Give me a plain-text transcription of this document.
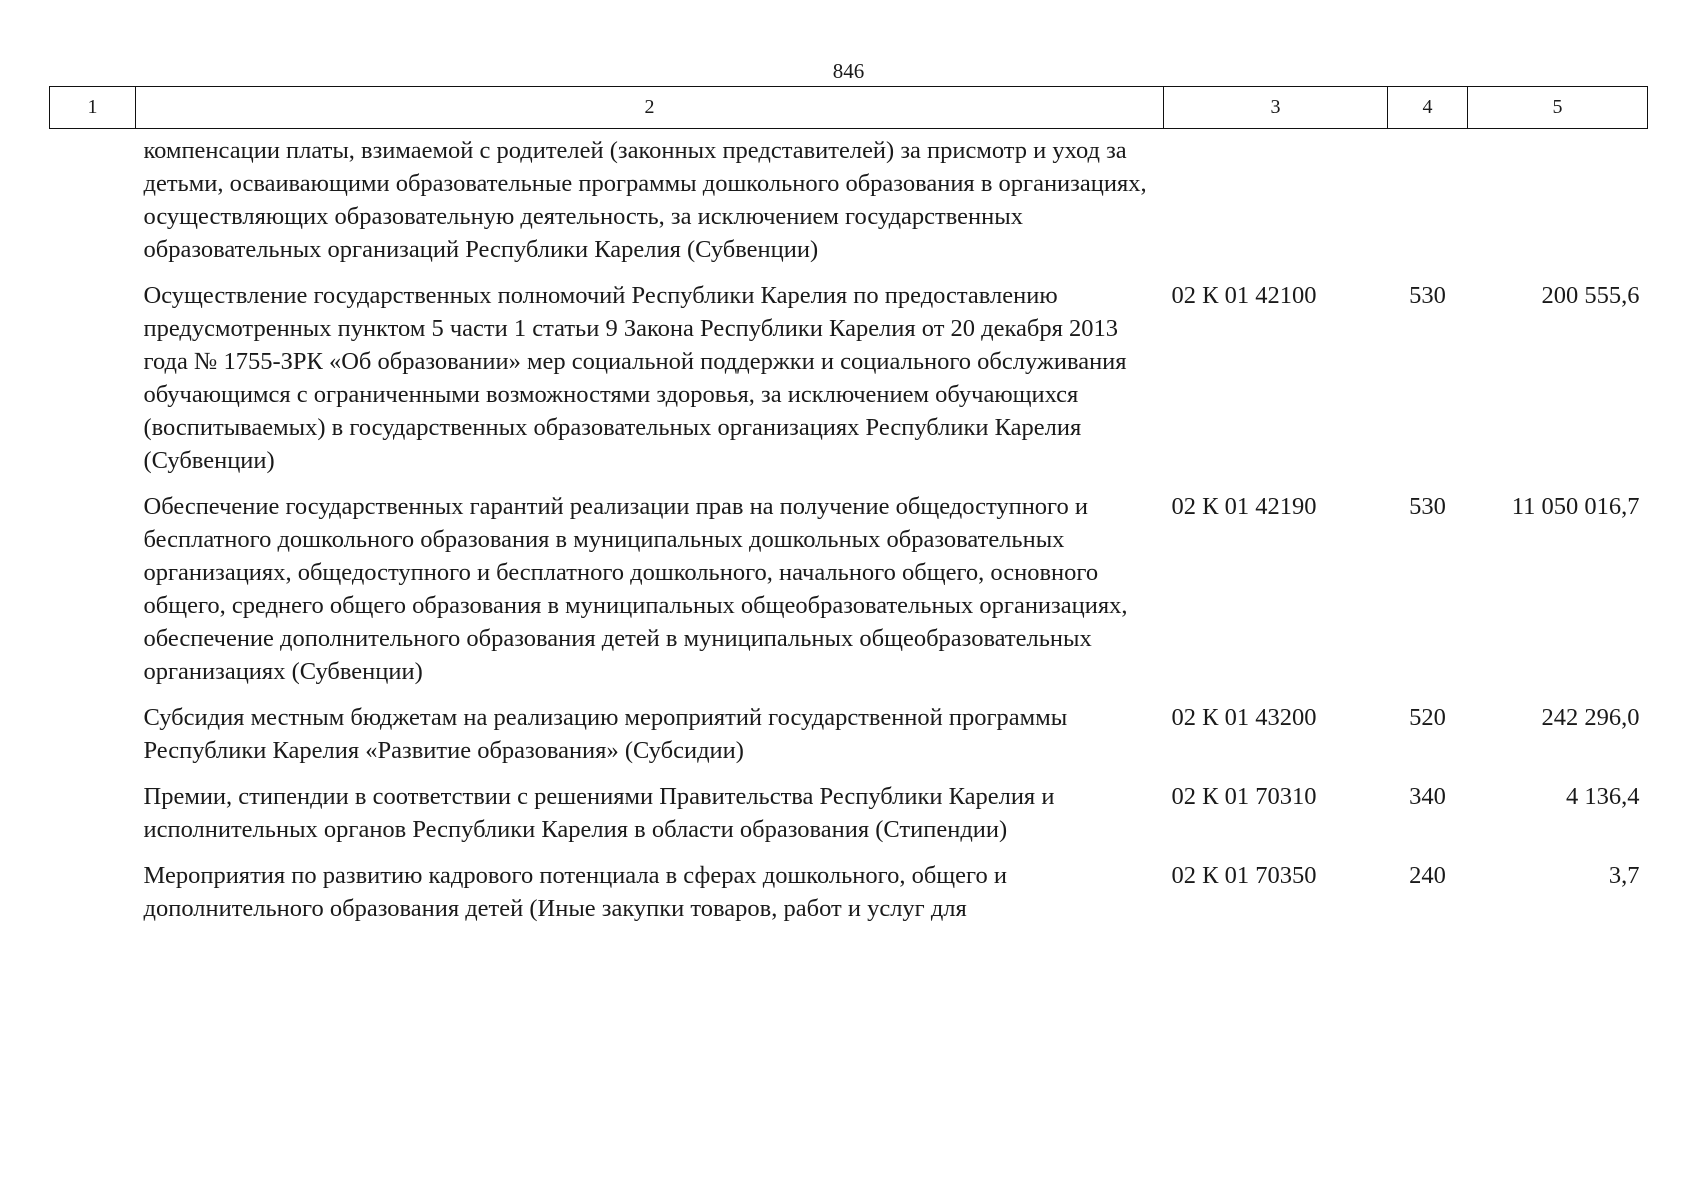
846
1	2	3	4	5
	компенсации платы, взимаемой с родителей (законных представителей) за присмотр и уход за детьми, осваивающими образовательные программы дошкольного образования в организациях, осуществляющих образовательную деятельность, за исключением государственных образовательных организаций Республики Карелия (Субвенции)			
	Осуществление государственных полномочий Республики Карелия по предоставлению предусмотренных пунктом 5 части 1 статьи 9 Закона Республики Карелия от 20 декабря 2013 года № 1755-ЗРК «Об образовании» мер социальной поддержки и социального обслуживания обучающимся с ограниченными возможностями здоровья, за исключением обучающихся (воспитываемых) в государственных образовательных организациях Республики Карелия (Субвенции)	02 К 01 42100	530	200 555,6
	Обеспечение государственных гарантий реализации прав на получение общедоступного и бесплатного дошкольного образования в муниципальных дошкольных образовательных организациях, общедоступного и бесплатного дошкольного, начального общего, основного общего, среднего общего образования в муниципальных общеобразовательных организациях, обеспечение дополнительного образования детей в муниципальных общеобразовательных организациях (Субвенции)	02 К 01 42190	530	11 050 016,7
	Субсидия местным бюджетам на реализацию мероприятий государственной программы Республики Карелия «Развитие образования» (Субсидии)	02 К 01 43200	520	242 296,0
	Премии, стипендии в соответствии с решениями Правительства Республики Карелия и исполнительных органов Республики Карелия в области образования (Стипендии)	02 К 01 70310	340	4 136,4
	Мероприятия по развитию кадрового потенциала в сферах дошкольного, общего и дополнительного образования детей (Иные закупки товаров, работ и услуг для	02 К 01 70350	240	3,7
